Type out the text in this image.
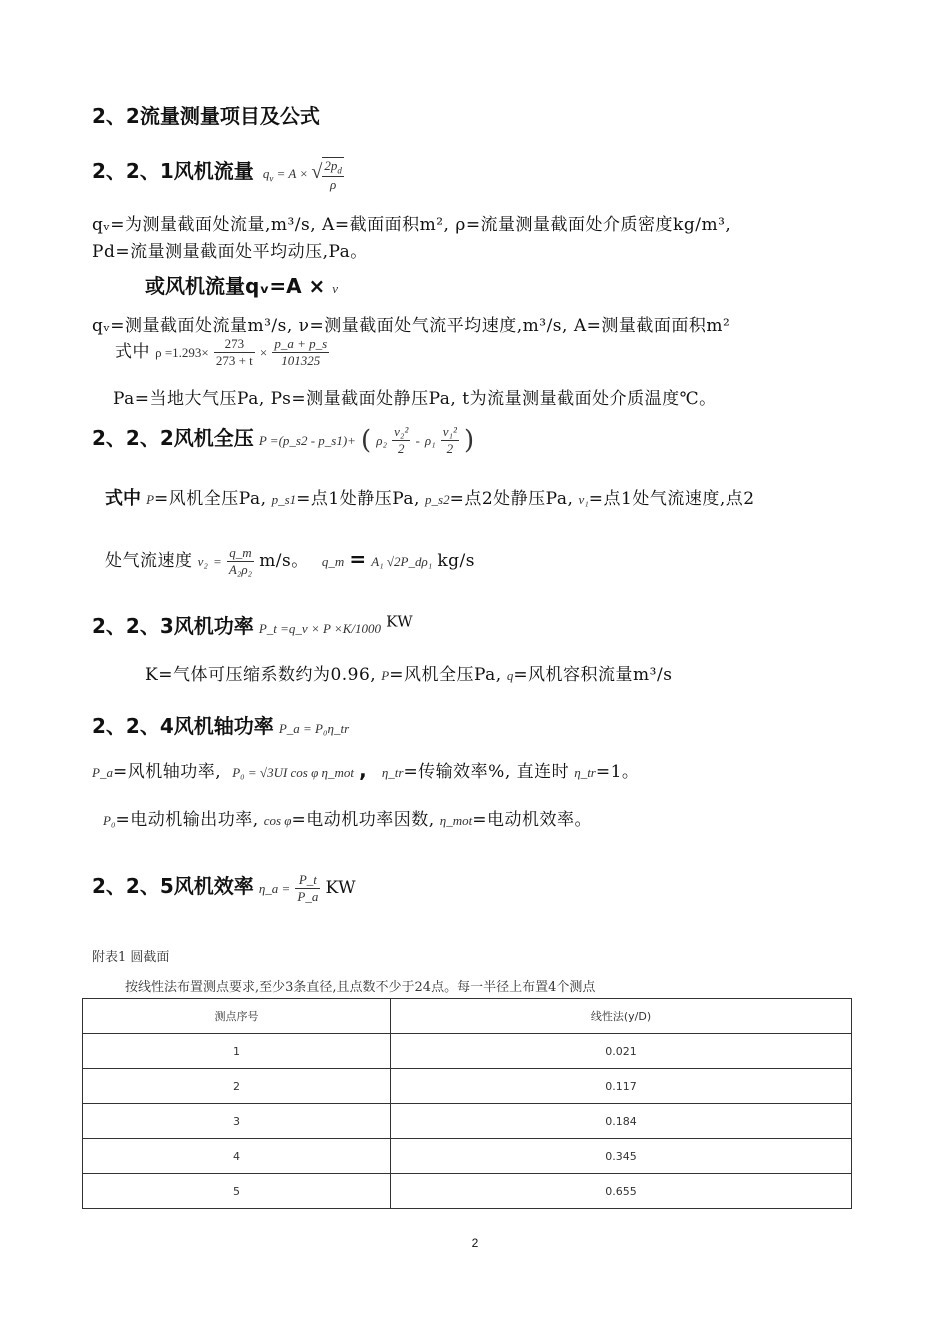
2、2流量测量项目及公式
2、2、1风机流量 $q_v = A$ × √ $\frac{2p_d}{\rho}$
qᵥ=为测量截面处流量,m³/s, A=截面面积m², ρ=流量测量截面处介质密度kg/m³,
Pd=流量测量截面处平均动压,Pa。
或风机流量qᵥ=A × ν
qᵥ=测量截面处流量m³/s, ν=测量截面处气流平均速度,m³/s, A=测量截面面积m²
式中 $\rho =1.293\times \frac{273}{273 + t} \times \frac{p\_a + p\_s}{101325}$
Pa=当地大气压Pa, Ps=测量截面处静压Pa, t为流量测量截面处介质温度℃。
2、2、2风机全压 P =(p_s2 - p_s1)+ ( $\rho_2 \frac{\text{ν₂²}}{2} - \rho_1 \frac{\text{ν₁²}}{2}$ )
式中 P=风机全压Pa, p_s1=点1处静压Pa, p_s2=点2处静压Pa, ν₁=点1处气流速度,点2
处气流速度 $\nu_2 = \frac{q\_m}{\text{A₂ρ₂}} m/s$。 q_m = A₁ √2P_dρ₁ kg/s
2、2、3风机功率 P_t =q_v × P ×K/1000 $^{KW}$
K=气体可压缩系数约为0.96, P=风机全压Pa, q=风机容积流量m³/s
2、2、4风机轴功率 P_a = P₀η_tr
P_a=风机轴功率, P₀ = √3UI cos φ η_mot , η_tr=传输效率%, 直连时 η_tr=1。
P₀=电动机输出功率, cos φ=电动机功率因数, η_mot=电动机效率。
2、2、5风机效率 η_a = $\frac{P\_t}{P\_a}$ KW
附表1 圆截面
按线性法布置测点要求,至少3条直径,且点数不少于24点。每一半径上布置4个测点
测点序号	线性法(y/D)
1	0.021
2	0.117
3	0.184
4	0.345
5	0.655
2
